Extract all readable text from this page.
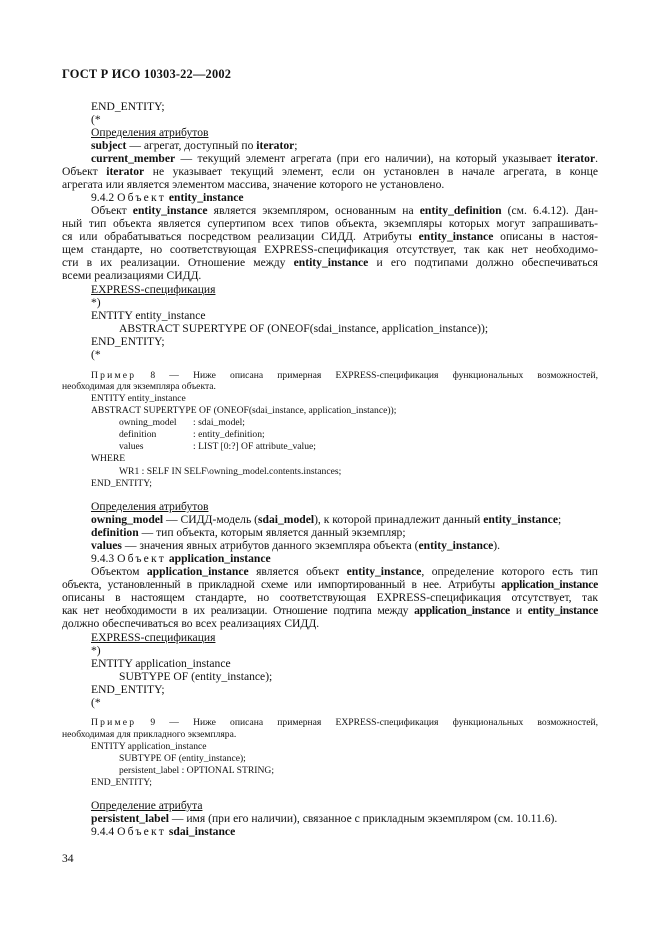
ГОСТ Р ИСО 10303-22—2002
END_ENTITY;
(*
Определения атрибутов
subject — агрегат, доступный по iterator;
current_member — текущий элемент агрегата (при его наличии), на который указывает iterator.
Объект iterator не указывает текущий элемент, если он установлен в начале агрегата, в конце
агрегата или является элементом массива, значение которого не установлено.
9.4.2 Объект entity_instance
Объект entity_instance является экземпляром, основанным на entity_definition (см. 6.4.12). Дан-
ный тип объекта является супертипом всех типов объекта, экземпляры которых могут запрашивать-
ся или обрабатываться посредством реализации СИДД. Атрибуты entity_instance описаны в настоя-
щем стандарте, но соответствующая EXPRESS-спецификация отсутствует, так как нет необходимо-
сти в их реализации. Отношение между entity_instance и его подтипами должно обеспечиваться
всеми реализациями СИДД.
EXPRESS-спецификация
*)
ENTITY entity_instance
ABSTRACT SUPERTYPE OF (ONEOF(sdai_instance, application_instance));
END_ENTITY;
(*
Пример 8 — Ниже описана примерная EXPRESS-спецификация функциональных возможностей,
необходимая для экземпляра объекта.
ENTITY entity_instance
ABSTRACT SUPERTYPE OF (ONEOF(sdai_instance, application_instance));
owning_model : sdai_model;
definition	: entity_definition;
values	: LIST [0:?] OF attribute_value;
WHERE
WR1 : SELF IN SELF\owning_model.contents.instances;
END_ENTITY;
Определения атрибутов
owning_model — СИДД-модель (sdai_model), к которой принадлежит данный entity_instance;
definition — тип объекта, которым является данный экземпляр;
values — значения явных атрибутов данного экземпляра объекта (entity_instance).
9.4.3 Объект application_instance
Объектом application_instance является объект entity_instance, определение которого есть тип
объекта, установленный в прикладной схеме или импортированный в нее. Атрибуты application_instance
описаны в настоящем стандарте, но соответствующая EXPRESS-спецификация отсутствует, так
как нет необходимости в их реализации. Отношение подтипа между application_instance и entity_instance
должно обеспечиваться во всех реализациях СИДД.
EXPRESS-спецификация
*)
ENTITY application_instance
SUBTYPE OF (entity_instance);
END_ENTITY;
(*
Пример 9 — Ниже описана примерная EXPRESS-спецификация функциональных возможностей,
необходимая для прикладного экземпляра.
ENTITY application_instance
SUBTYPE OF (entity_instance);
persistent_label : OPTIONAL STRING;
END_ENTITY;
Определение атрибута
persistent_label — имя (при его наличии), связанное с прикладным экземпляром (см. 10.11.6).
9.4.4 Объект sdai_instance
34
